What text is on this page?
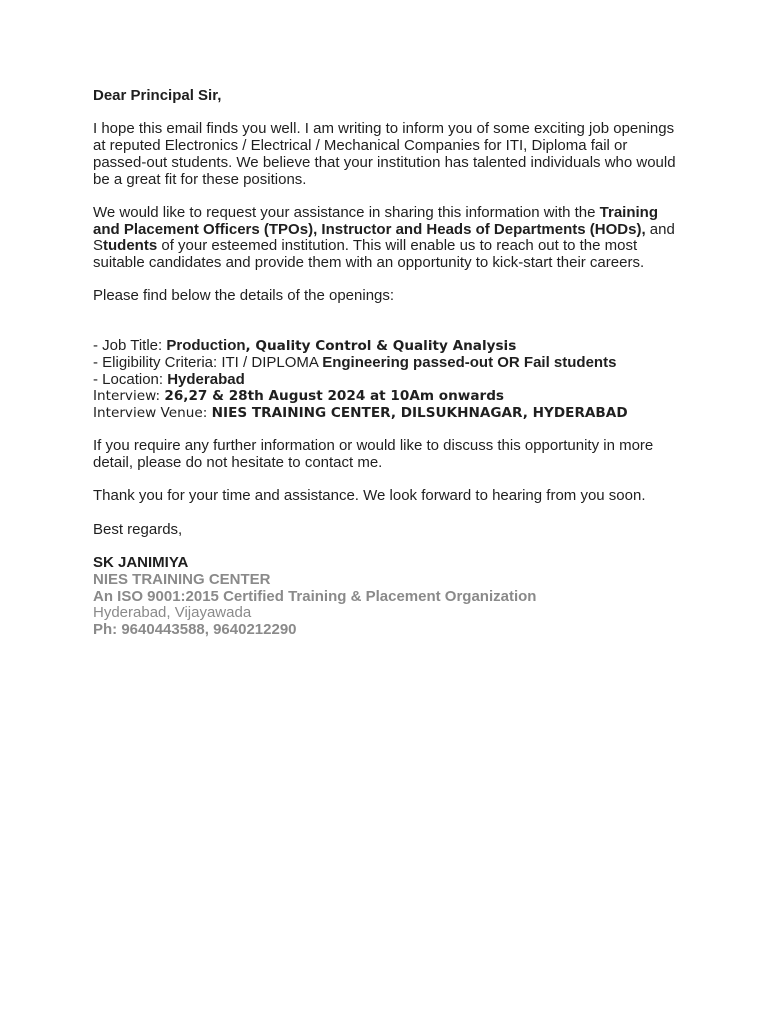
Dear Principal Sir,

I hope this email finds you well. I am writing to inform you of some exciting job openings at reputed Electronics / Electrical / Mechanical Companies for ITI, Diploma fail or passed-out students. We believe that your institution has talented individuals who would be a great fit for these positions.

We would like to request your assistance in sharing this information with the Training and Placement Officers (TPOs), Instructor and Heads of Departments (HODs), and Students of your esteemed institution. This will enable us to reach out to the most suitable candidates and provide them with an opportunity to kick-start their careers.

Please find below the details of the openings:

- Job Title: Production, Quality Control & Quality Analysis
- Eligibility Criteria: ITI / DIPLOMA Engineering passed-out OR Fail students
- Location: Hyderabad
Interview: 26,27 & 28th August 2024 at 10Am onwards
Interview Venue: NIES TRAINING CENTER, DILSUKHNAGAR, HYDERABAD

If you require any further information or would like to discuss this opportunity in more detail, please do not hesitate to contact me.

Thank you for your time and assistance. We look forward to hearing from you soon.

Best regards,

SK JANIMIYA
NIES TRAINING CENTER
An ISO 9001:2015 Certified Training & Placement Organization
Hyderabad, Vijayawada
Ph: 9640443588, 9640212290
